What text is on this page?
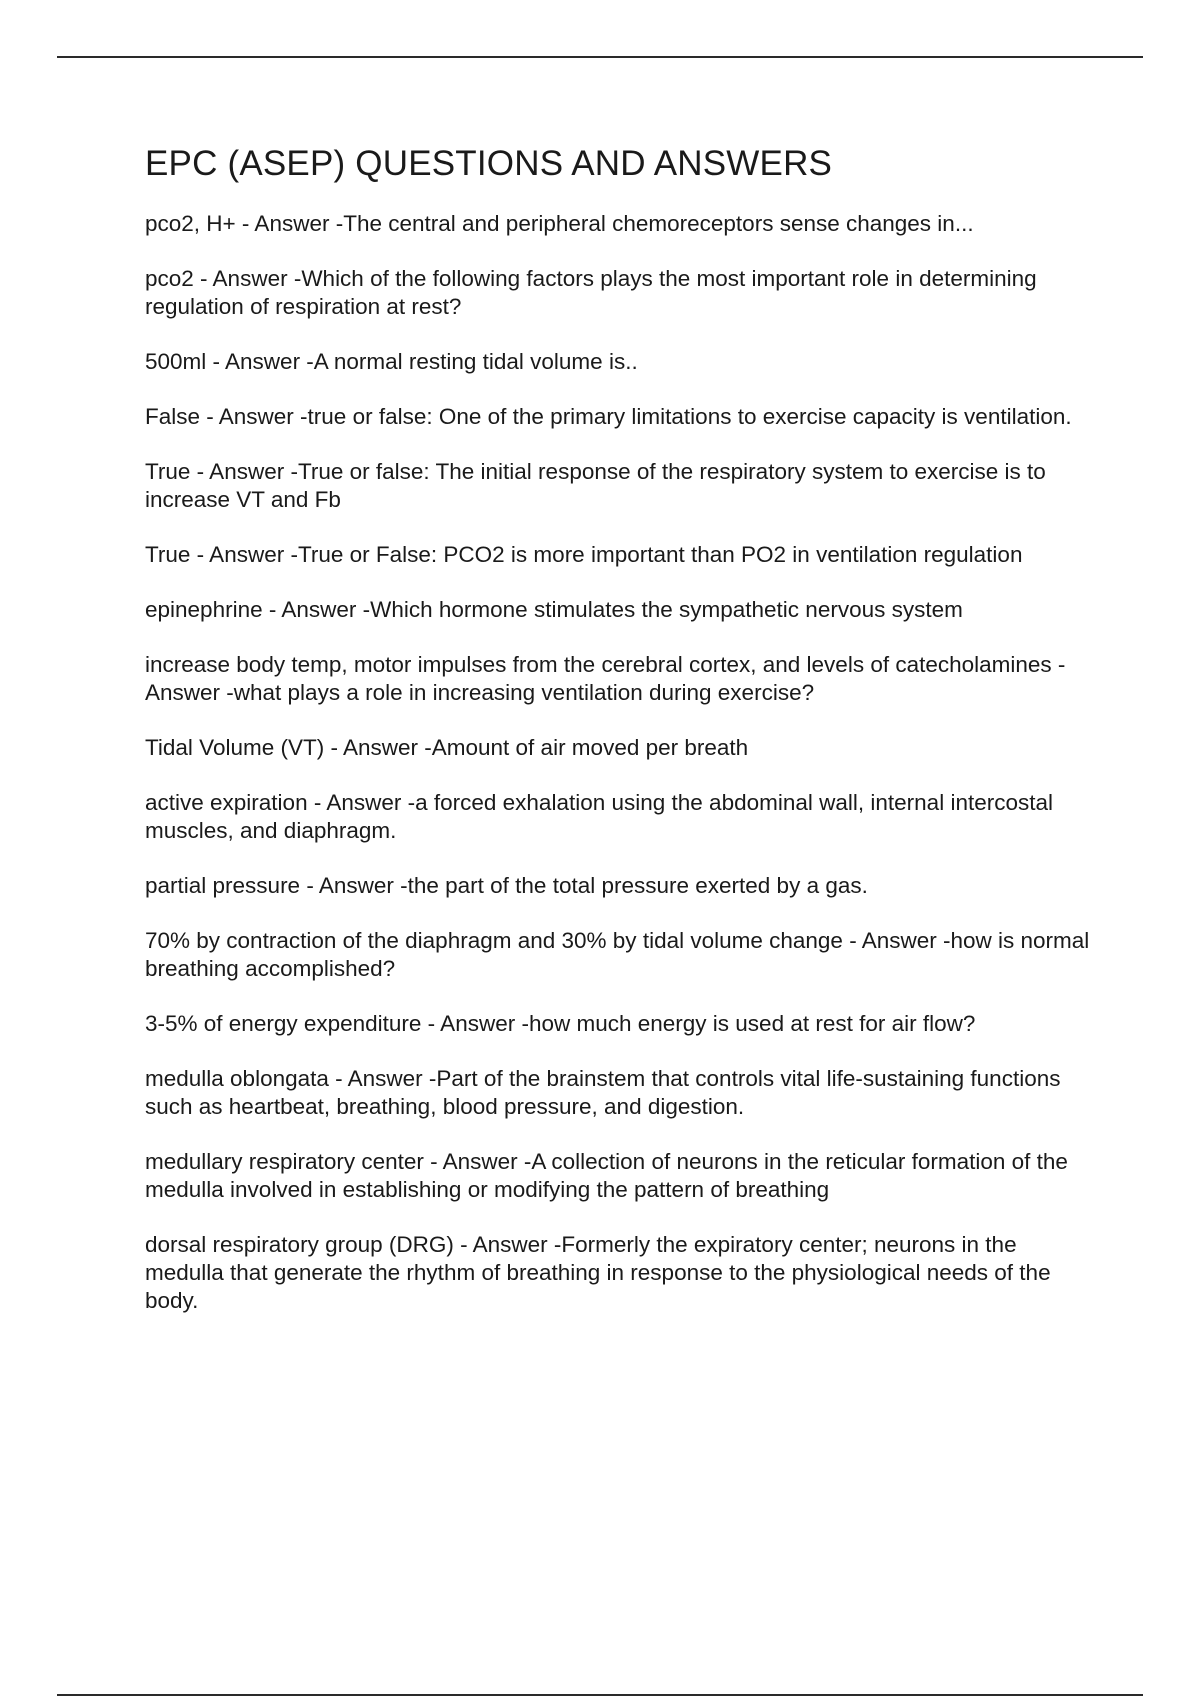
EPC (ASEP) QUESTIONS AND ANSWERS

pco2, H+ - Answer -The central and peripheral chemoreceptors sense changes in...

pco2 - Answer -Which of the following factors plays the most important role in determining regulation of respiration at rest?

500ml - Answer -A normal resting tidal volume is..

False - Answer -true or false: One of the primary limitations to exercise capacity is ventilation.

True - Answer -True or false: The initial response of the respiratory system to exercise is to increase VT and Fb

True - Answer -True or False: PCO2 is more important than PO2 in ventilation regulation

epinephrine - Answer -Which hormone stimulates the sympathetic nervous system

increase body temp, motor impulses from the cerebral cortex, and levels of catecholamines - Answer -what plays a role in increasing ventilation during exercise?

Tidal Volume (VT) - Answer -Amount of air moved per breath

active expiration - Answer -a forced exhalation using the abdominal wall, internal intercostal muscles, and diaphragm.

partial pressure - Answer -the part of the total pressure exerted by a gas.

70% by contraction of the diaphragm and 30% by tidal volume change - Answer -how is normal breathing accomplished?

3-5% of energy expenditure - Answer -how much energy is used at rest for air flow?

medulla oblongata - Answer -Part of the brainstem that controls vital life-sustaining functions such as heartbeat, breathing, blood pressure, and digestion.

medullary respiratory center - Answer -A collection of neurons in the reticular formation of the medulla involved in establishing or modifying the pattern of breathing

dorsal respiratory group (DRG) - Answer -Formerly the expiratory center; neurons in the medulla that generate the rhythm of breathing in response to the physiological needs of the body.
